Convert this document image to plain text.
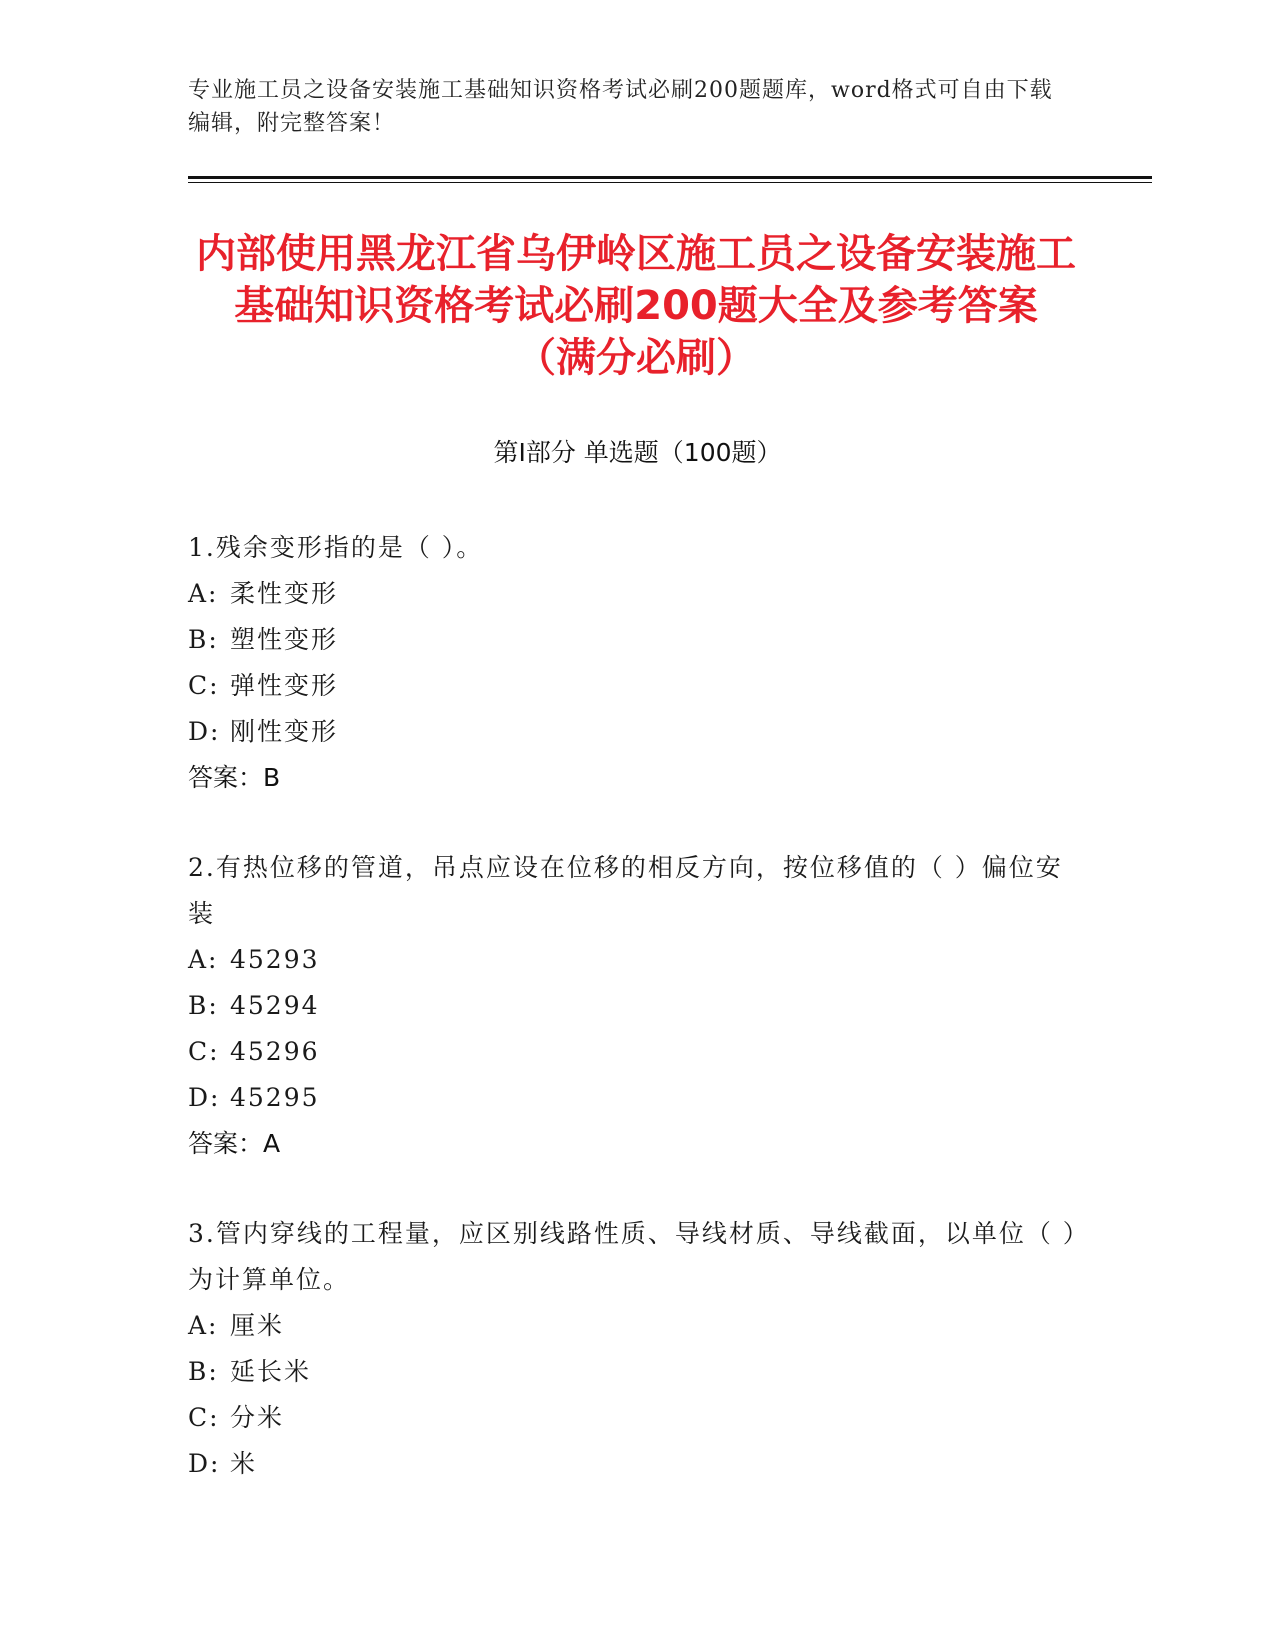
专业施工员之设备安装施工基础知识资格考试必刷200题题库，word格式可自由下载编辑，附完整答案！
内部使用黑龙江省乌伊岭区施工员之设备安装施工基础知识资格考试必刷200题大全及参考答案（满分必刷）
第Ⅰ部分 单选题（100题）
1.残余变形指的是（ ）。
A: 柔性变形
B: 塑性变形
C: 弹性变形
D: 刚性变形
答案：B
2.有热位移的管道，吊点应设在位移的相反方向，按位移值的（ ）偏位安装
A: 45293
B: 45294
C: 45296
D: 45295
答案：A
3.管内穿线的工程量，应区别线路性质、导线材质、导线截面，以单位（ ）为计算单位。
A: 厘米
B: 延长米
C: 分米
D: 米
